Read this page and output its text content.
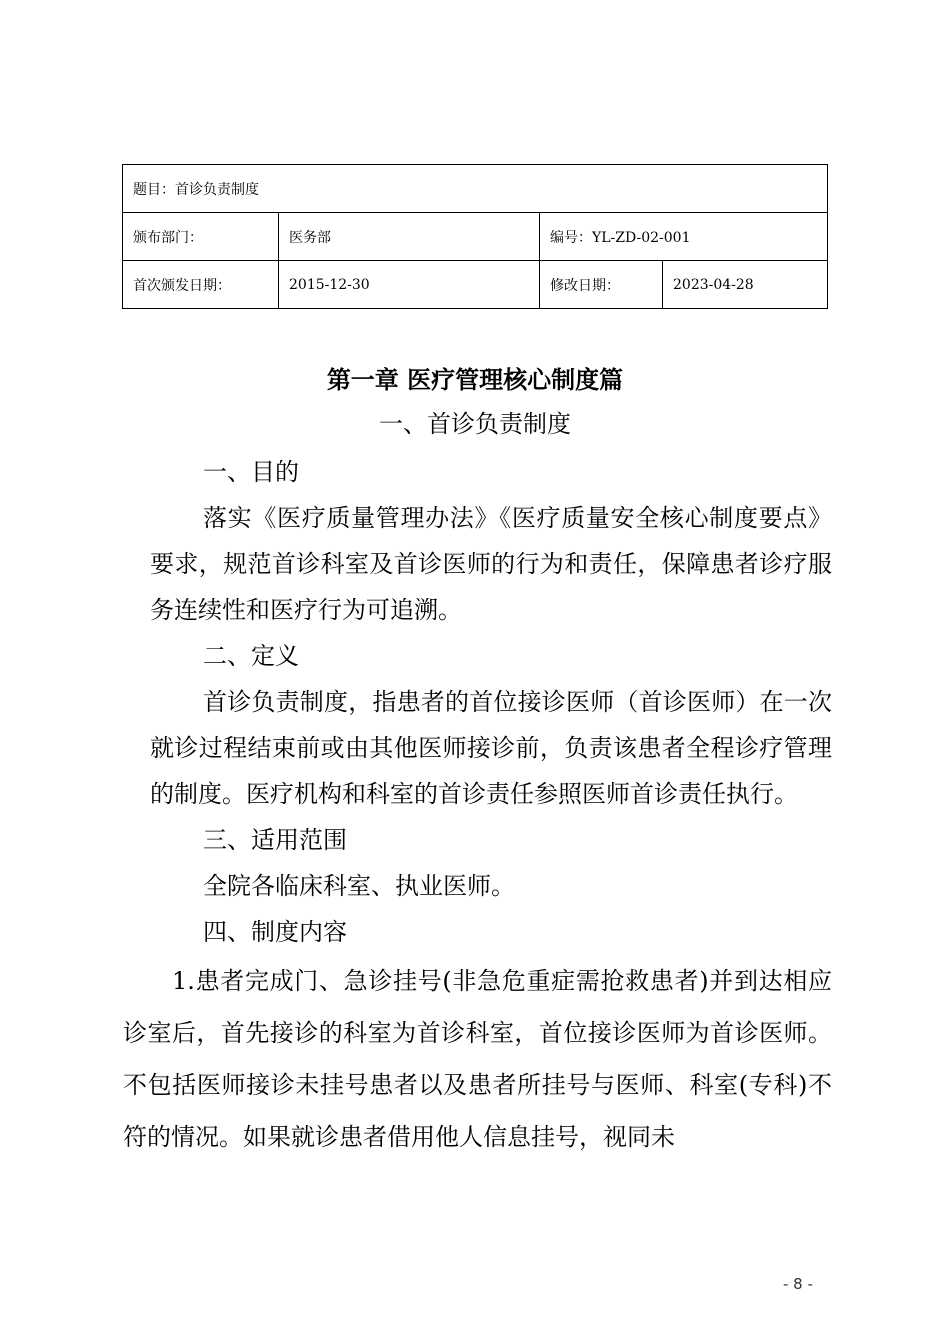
题目：首诊负责制度			
颁布部门：	医务部	编号：YL-ZD-02-001	
首次颁发日期：	2015-12-30	修改日期：	2023-04-28
第一章 医疗管理核心制度篇
一、首诊负责制度

一、目的

落实《医疗质量管理办法》《医疗质量安全核心制度要点》要求，规范首诊科室及首诊医师的行为和责任，保障患者诊疗服务连续性和医疗行为可追溯。

二、定义

首诊负责制度，指患者的首位接诊医师（首诊医师）在一次就诊过程结束前或由其他医师接诊前，负责该患者全程诊疗管理的制度。医疗机构和科室的首诊责任参照医师首诊责任执行。

三、适用范围

全院各临床科室、执业医师。

四、制度内容

1.患者完成门、急诊挂号(非急危重症需抢救患者)并到达相应诊室后，首先接诊的科室为首诊科室，首位接诊医师为首诊医师。不包括医师接诊未挂号患者以及患者所挂号与医师、科室(专科)不符的情况。如果就诊患者借用他人信息挂号，视同未

- 8 -
